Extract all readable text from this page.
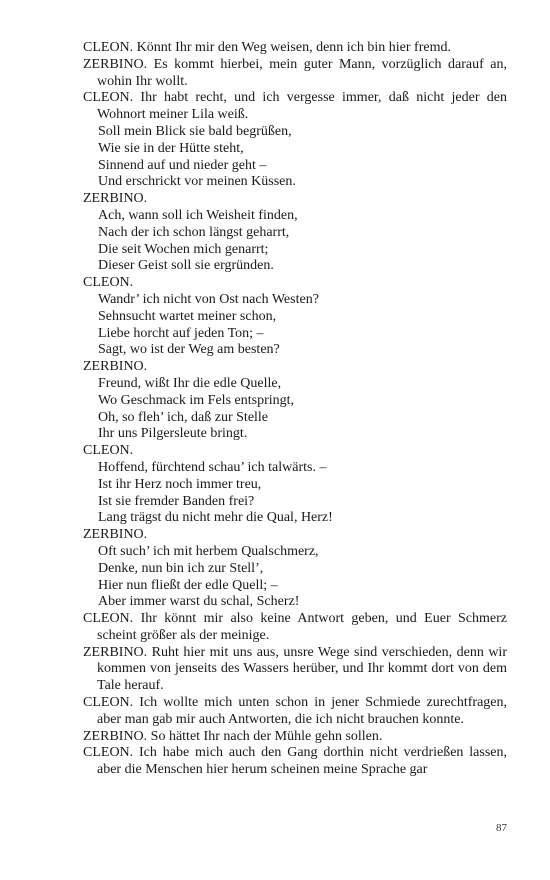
CLEON. Könnt Ihr mir den Weg weisen, denn ich bin hier fremd.
ZERBINO. Es kommt hierbei, mein guter Mann, vorzüglich darauf an, wohin Ihr wollt.
CLEON. Ihr habt recht, und ich vergesse immer, daß nicht jeder den Wohnort meiner Lila weiß.
Soll mein Blick sie bald begrüßen,
Wie sie in der Hütte steht,
Sinnend auf und nieder geht –
Und erschrickt vor meinen Küssen.
ZERBINO.
Ach, wann soll ich Weisheit finden,
Nach der ich schon längst geharrt,
Die seit Wochen mich genarrt;
Dieser Geist soll sie ergründen.
CLEON.
Wandr’ ich nicht von Ost nach Westen?
Sehnsucht wartet meiner schon,
Liebe horcht auf jeden Ton; –
Sagt, wo ist der Weg am besten?
ZERBINO.
Freund, wißt Ihr die edle Quelle,
Wo Geschmack im Fels entspringt,
Oh, so fleh’ ich, daß zur Stelle
Ihr uns Pilgersleute bringt.
CLEON.
Hoffend, fürchtend schau’ ich talwärts. –
Ist ihr Herz noch immer treu,
Ist sie fremder Banden frei?
Lang trägst du nicht mehr die Qual, Herz!
ZERBINO.
Oft such’ ich mit herbem Qualschmerz,
Denke, nun bin ich zur Stell’,
Hier nun fließt der edle Quell; –
Aber immer warst du schal, Scherz!
CLEON. Ihr könnt mir also keine Antwort geben, und Euer Schmerz scheint größer als der meinige.
ZERBINO. Ruht hier mit uns aus, unsre Wege sind verschieden, denn wir kommen von jenseits des Wassers herüber, und Ihr kommt dort von dem Tale herauf.
CLEON. Ich wollte mich unten schon in jener Schmiede zurechtfragen, aber man gab mir auch Antworten, die ich nicht brauchen konnte.
ZERBINO. So hättet Ihr nach der Mühle gehn sollen.
CLEON. Ich habe mich auch den Gang dorthin nicht verdrießen lassen, aber die Menschen hier herum scheinen meine Sprache gar
87
